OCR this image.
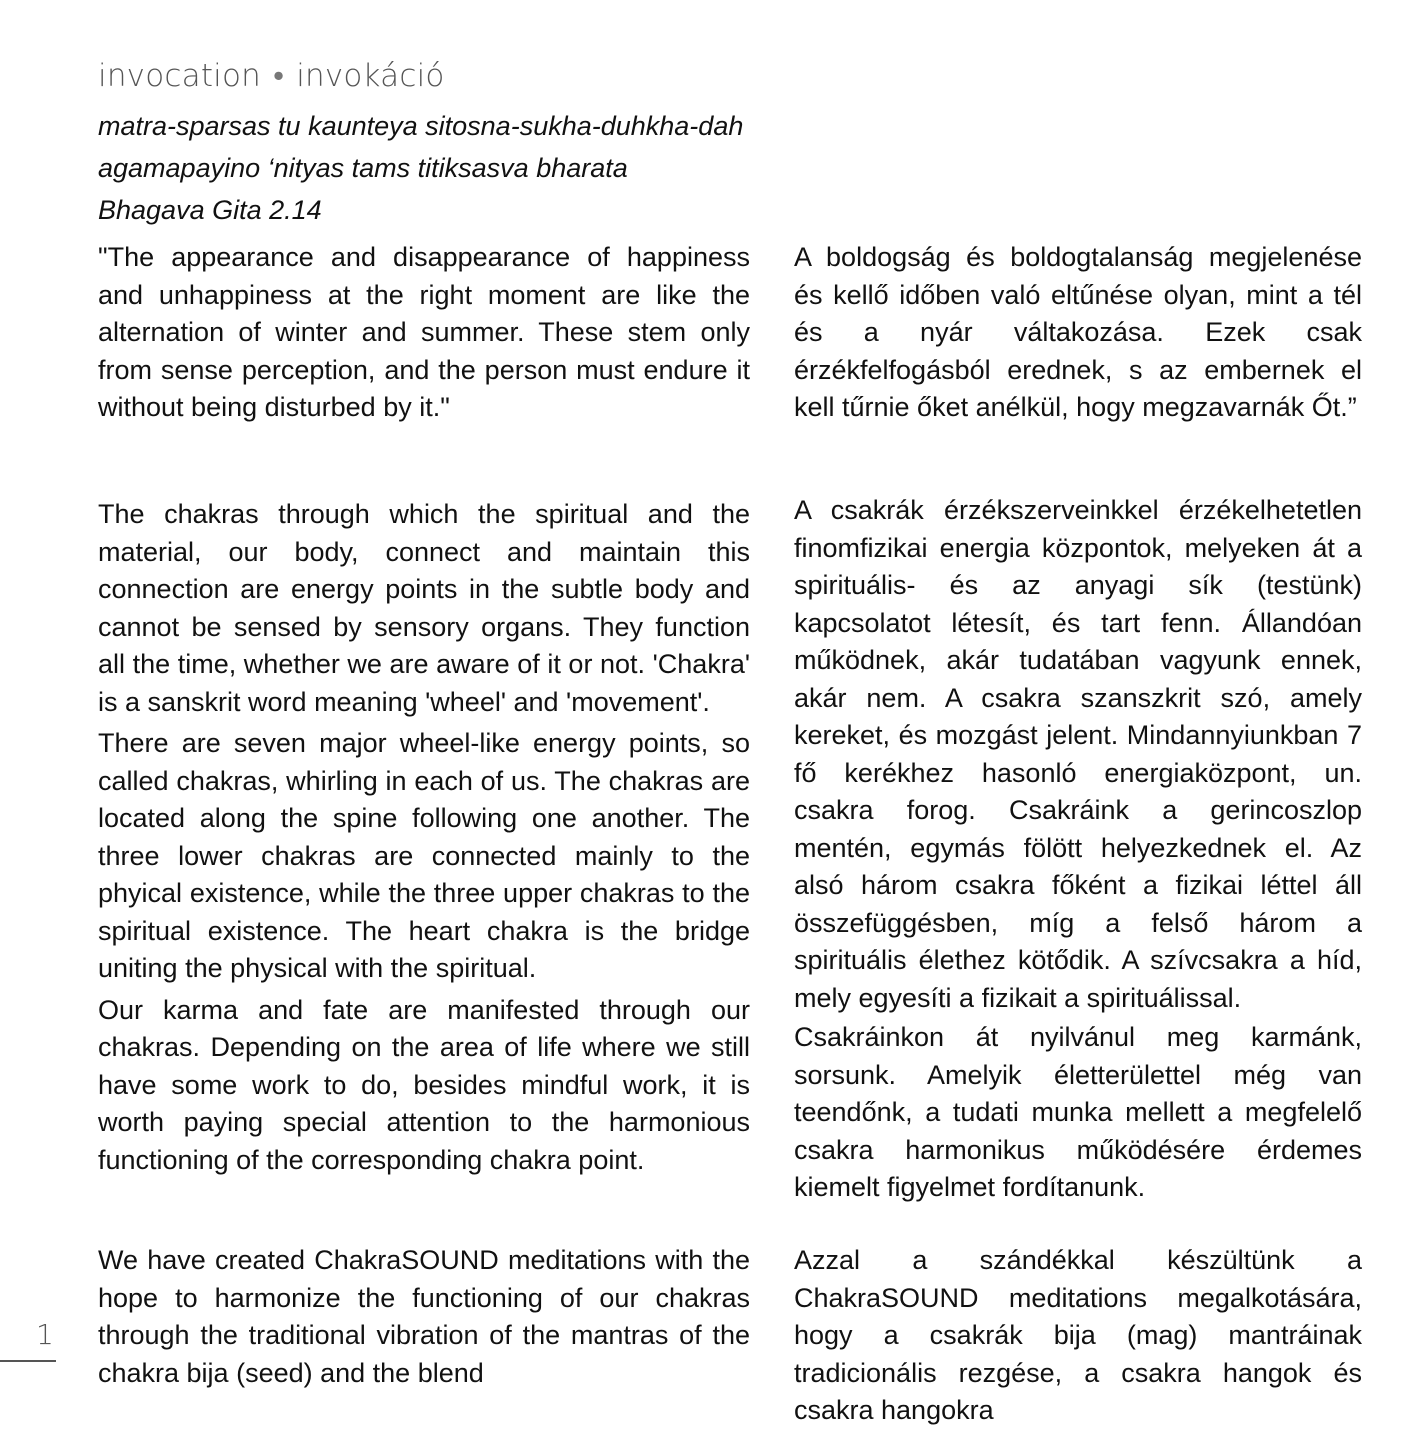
invocation • invokáció
matra-sparsas tu kaunteya sitosna-sukha-duhkha-dah
agamapayino ‘nityas tams titiksasva bharata
Bhagava Gita 2.14

"The appearance and disappearance of happiness and unhappiness at the right moment are like the alternation of winter and summer. These stem only from sense perception, and the person must endure it without being disturbed by it."

The chakras through which the spiritual and the material, our body, connect and maintain this connection are energy points in the subtle body and cannot be sensed by sensory organs. They function all the time, whether we are aware of it or not. 'Chakra' is a sanskrit word meaning 'wheel' and 'movement'.

There are seven major wheel-like energy points, so called chakras, whirling in each of us. The chakras are located along the spine following one another. The three lower chakras are connected mainly to the phyical existence, while the three upper chakras to the spiritual existence. The heart chakra is the bridge uniting the physical with the spiritual.

Our karma and fate are manifested through our chakras. Depending on the area of life where we still have some work to do, besides mindful work, it is worth paying special attention to the harmonious functioning of the corresponding chakra point.

We have created ChakraSOUND meditations with the hope to harmonize the functioning of our chakras through the traditional vibration of the mantras of the chakra bija (seed) and the blend

A boldogság és boldogtalanság megjelenése és kellő időben való eltűnése olyan, mint a tél és a nyár váltakozása. Ezek csak érzékfelfogásból erednek, s az embernek el kell tűrnie őket anélkül, hogy megzavarnák Őt.”

A csakrák érzékszerveinkkel érzékelhetetlen finomfizikai energia központok, melyeken át a spirituális- és az anyagi sík (testünk) kapcsolatot létesít, és tart fenn. Állandóan működnek, akár tudatában vagyunk ennek, akár nem. A csakra szanszkrit szó, amely kereket, és mozgást jelent. Mindannyiunkban 7 fő kerékhez hasonló energiaközpont, un. csakra forog. Csakráink a gerincoszlop mentén, egymás fölött helyezkednek el. Az alsó három csakra főként a fizikai léttel áll összefüggésben, míg a felső három a spirituális élethez kötődik. A szívcsakra a híd, mely egyesíti a fizikait a spirituálissal.

Csakráinkon át nyilvánul meg karmánk, sorsunk. Amelyik életterülettel még van teendőnk, a tudati munka mellett a megfelelő csakra harmonikus működésére érdemes kiemelt figyelmet fordítanunk.

Azzal a szándékkal készültünk a ChakraSOUND meditations megalkotására, hogy a csakrák bija (mag) mantráinak tradicionális rezgése, a csakra hangok és csakra hangokra

1
